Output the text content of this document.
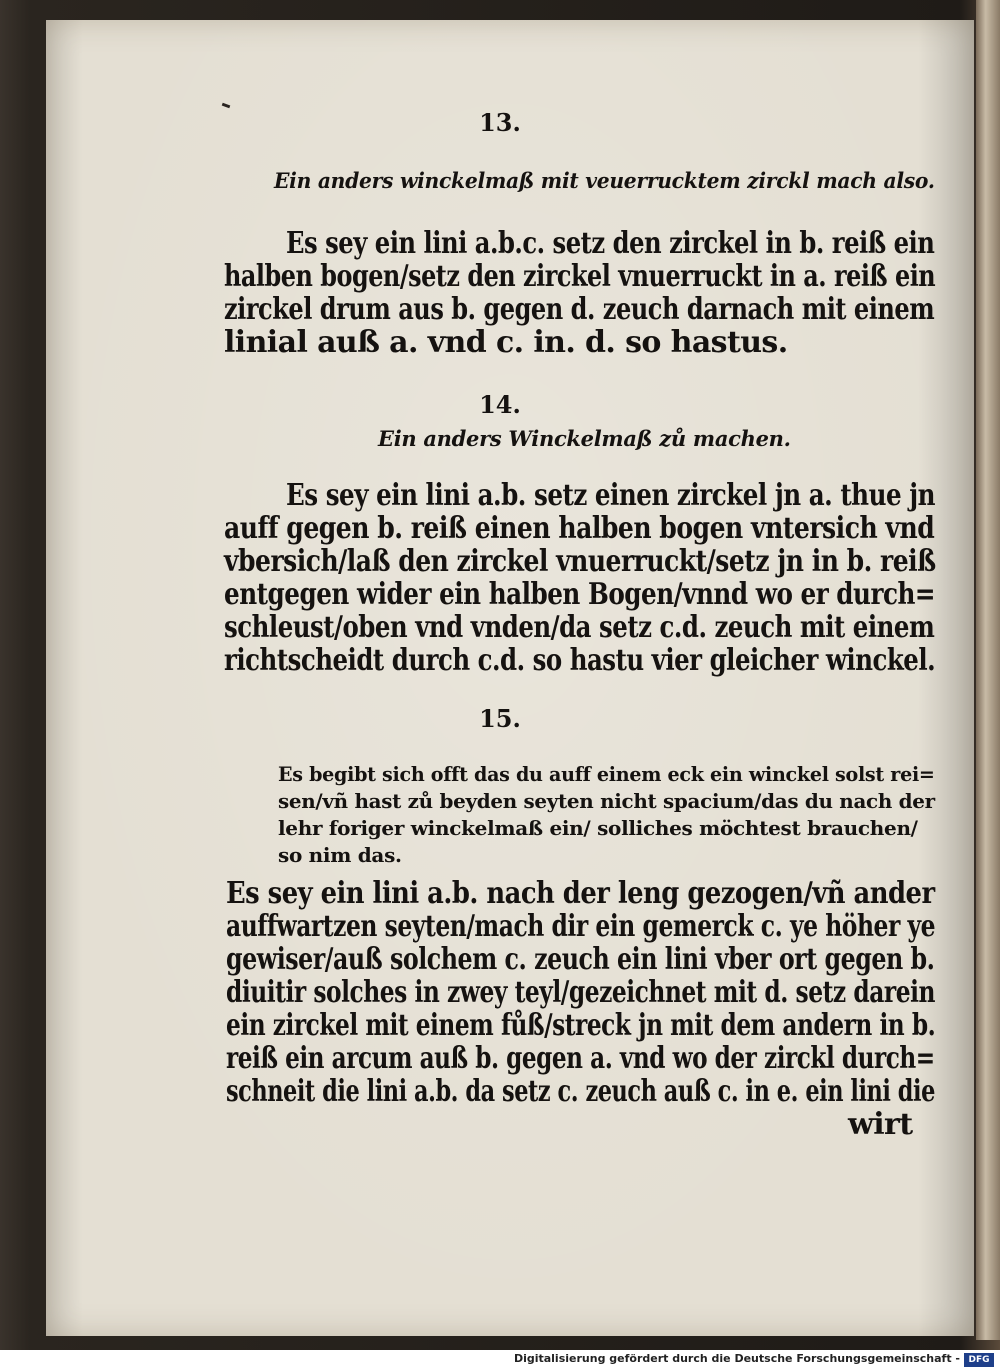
13.
Ein anders winckelmaß mit veuerrucktem zirckl mach also.
Es sey ein lini a.b.c. setz den zirckel in b. reiß ein
halben bogen/setz den zirckel vnuerruckt in a. reiß ein
zirckel drum aus b. gegen d. zeuch darnach mit einem
linial auß a. vnd c. in. d. so hastus.
14.
Ein anders Winckelmaß zů machen.
Es sey ein lini a.b. setz einen zirckel jn a. thue jn
auff gegen b. reiß einen halben bogen vntersich vnd
vbersich/laß den zirckel vnuerruckt/setz jn in b. reiß
entgegen wider ein halben Bogen/vnnd wo er durch=
schleust/oben vnd vnden/da setz c.d. zeuch mit einem
richtscheidt durch c.d. so hastu vier gleicher winckel.
15.
Es begibt sich offt das du auff einem eck ein winckel solst rei=
sen/vñ hast zů beyden seyten nicht spacium/das du nach der
lehr foriger winckelmaß ein/ solliches möchtest brauchen/
so nim das.
Es sey ein lini a.b. nach der leng gezogen/vñ ander
auffwartzen seyten/mach dir ein gemerck c. ye höher ye
gewiser/auß solchem c. zeuch ein lini vber ort gegen b.
diuitir solches in zwey teyl/gezeichnet mit d. setz darein
ein zirckel mit einem fůß/streck jn mit dem andern in b.
reiß ein arcum auß b. gegen a. vnd wo der zirckl durch=
schneit die lini a.b. da setz c. zeuch auß c. in e. ein lini die
wirt
Digitalisierung gefördert durch die Deutsche Forschungsgemeinschaft - DFG
